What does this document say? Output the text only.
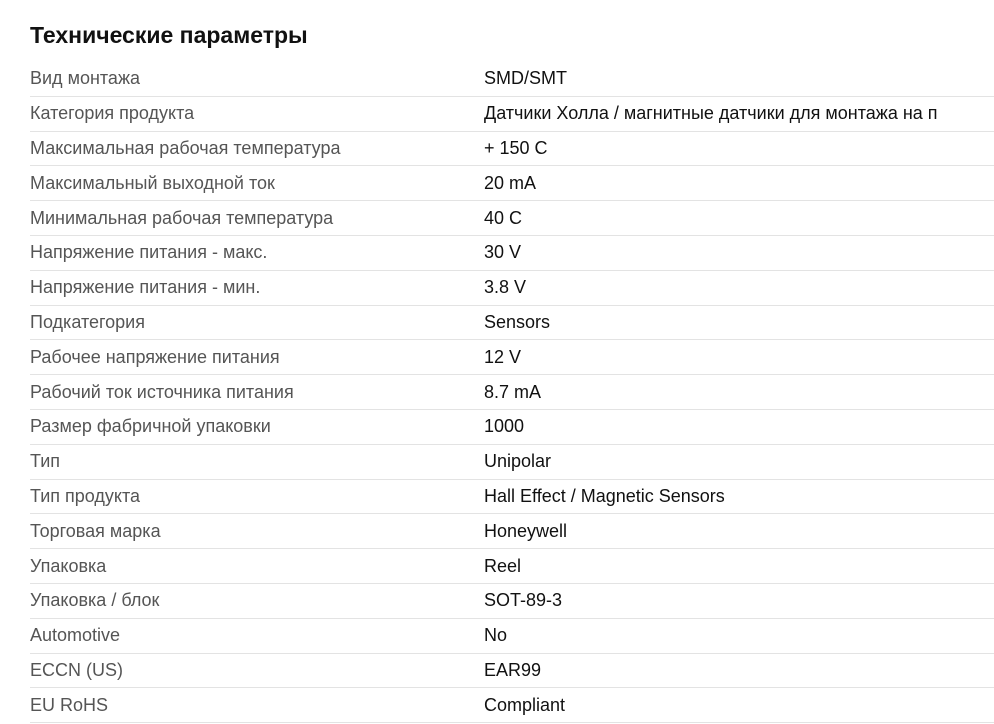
Технические параметры
Вид монтажа	SMD/SMT
Категория продукта	Датчики Холла / магнитные датчики для монтажа на п
Максимальная рабочая температура	+ 150 C
Максимальный выходной ток	20 mA
Минимальная рабочая температура	40 C
Напряжение питания - макс.	30 V
Напряжение питания - мин.	3.8 V
Подкатегория	Sensors
Рабочее напряжение питания	12 V
Рабочий ток источника питания	8.7 mA
Размер фабричной упаковки	1000
Тип	Unipolar
Тип продукта	Hall Effect / Magnetic Sensors
Торговая марка	Honeywell
Упаковка	Reel
Упаковка / блок	SOT-89-3
Automotive	No
ECCN (US)	EAR99
EU RoHS	Compliant
